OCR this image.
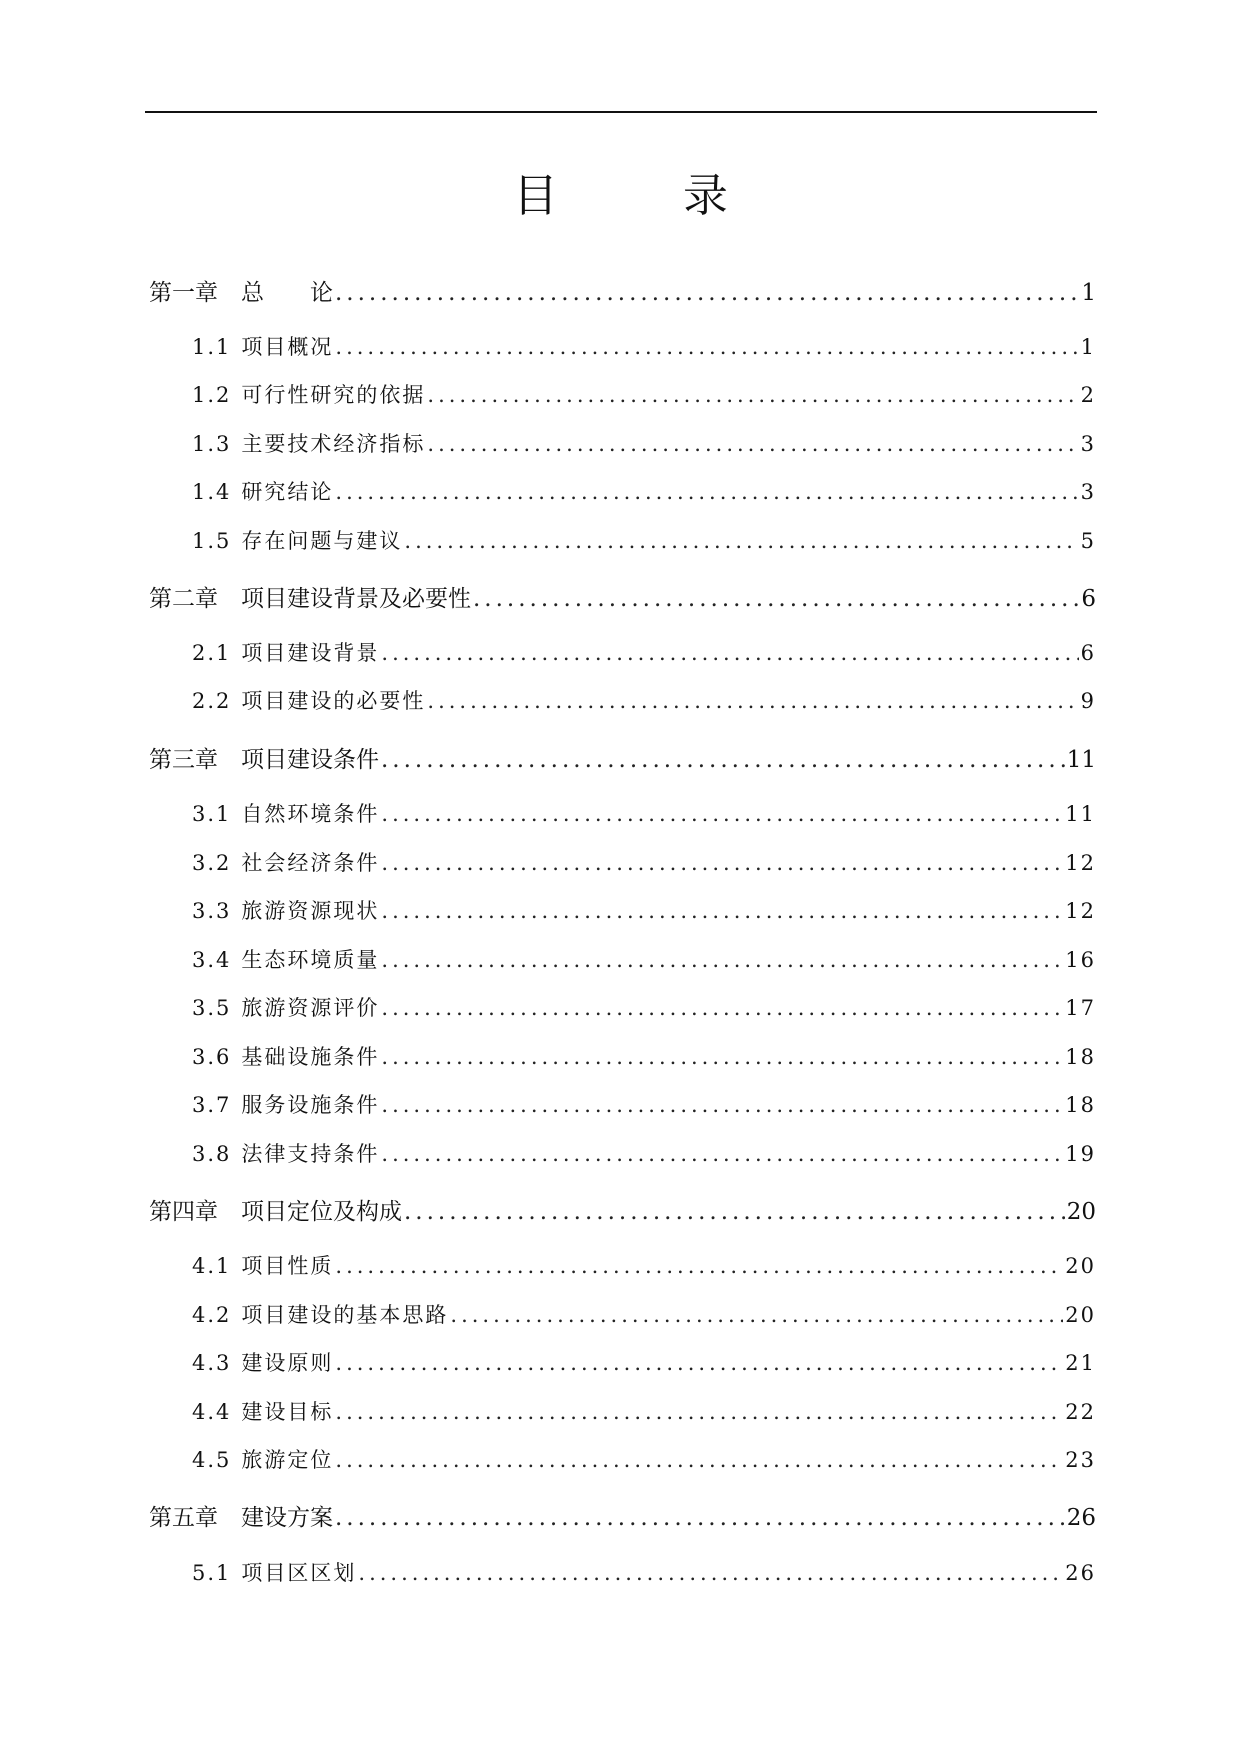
目　录
第一章　总　　论 .....	1
1.1 项目概况 .....	1
1.2 可行性研究的依据 .....	2
1.3 主要技术经济指标 .....	3
1.4 研究结论 .....	3
1.5 存在问题与建议 .....	5
第二章　项目建设背景及必要性 .....	6
2.1 项目建设背景 .....	6
2.2 项目建设的必要性 .....	9
第三章　项目建设条件 .....	11
3.1 自然环境条件 .....	11
3.2 社会经济条件 .....	12
3.3 旅游资源现状 .....	12
3.4 生态环境质量 .....	16
3.5 旅游资源评价 .....	17
3.6 基础设施条件 .....	18
3.7 服务设施条件 .....	18
3.8 法律支持条件 .....	19
第四章　项目定位及构成 .....	20
4.1 项目性质 .....	20
4.2 项目建设的基本思路 .....	20
4.3 建设原则 .....	21
4.4 建设目标 .....	22
4.5 旅游定位 .....	23
第五章　建设方案 .....	26
5.1 项目区区划 .....	26
